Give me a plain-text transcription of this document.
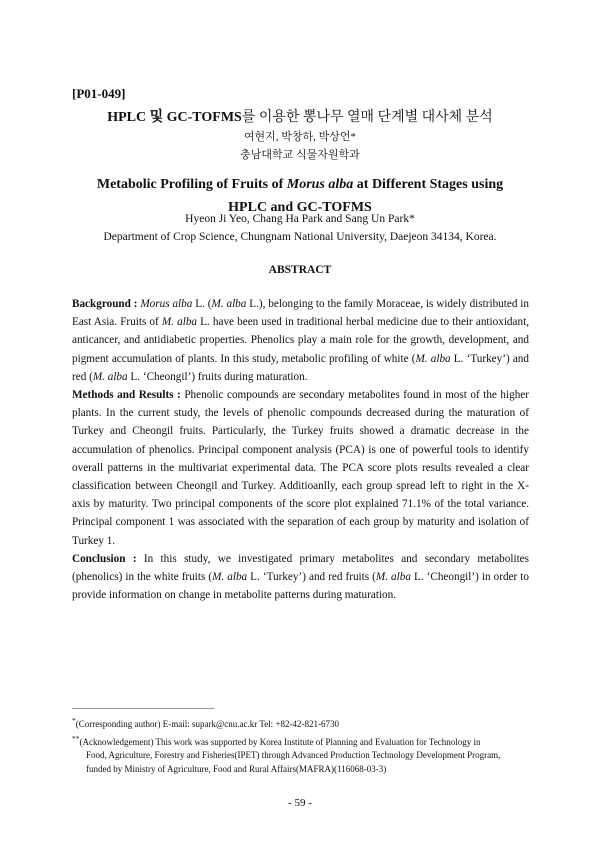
[P01-049]
HPLC 및 GC-TOFMS를 이용한 뽕나무 열매 단계별 대사체 분석
여현지, 박창하, 박상언*
충남대학교 식물자원학과
Metabolic Profiling of Fruits of Morus alba at Different Stages using HPLC and GC-TOFMS
Hyeon Ji Yeo, Chang Ha Park and Sang Un Park*
Department of Crop Science, Chungnam National University, Daejeon 34134, Korea.
ABSTRACT

Background : Morus alba L. (M. alba L.), belonging to the family Moraceae, is widely distributed in East Asia. Fruits of M. alba L. have been used in traditional herbal medicine due to their antioxidant, anticancer, and antidiabetic properties. Phenolics play a main role for the growth, development, and pigment accumulation of plants. In this study, metabolic profiling of white (M. alba L. ‘Turkey’) and red (M. alba L. ‘Cheongil’) fruits during maturation.

Methods and Results : Phenolic compounds are secondary metabolites found in most of the higher plants. In the current study, the levels of phenolic compounds decreased during the maturation of Turkey and Cheongil fruits. Particularly, the Turkey fruits showed a dramatic decrease in the accumulation of phenolics. Principal component analysis (PCA) is one of powerful tools to identify overall patterns in the multivariat experimental data. The PCA score plots results revealed a clear classification between Cheongil and Turkey. Additioanlly, each group spread left to right in the X-axis by maturity. Two principal components of the score plot explained 71.1% of the total variance. Principal component 1 was associated with the separation of each group by maturity and isolation of Turkey 1.

Conclusion : In this study, we investigated primary metabolites and secondary metabolites (phenolics) in the white fruits (M. alba L. ‘Turkey’) and red fruits (M. alba L. ‘Cheongil’) in order to provide information on change in metabolite patterns during maturation.

*(Corresponding author) E-mail: supark@cnu.ac.kr Tel: +82-42-821-6730

**(Acknowledgement) This work was supported by Korea Institute of Planning and Evaluation for Technology in

Food, Agriculture, Forestry and Fisheries(IPET) through Advanced Production Technology Development Program,

funded by Ministry of Agriculture, Food and Rural Affairs(MAFRA)(116068-03-3)

- 59 -
